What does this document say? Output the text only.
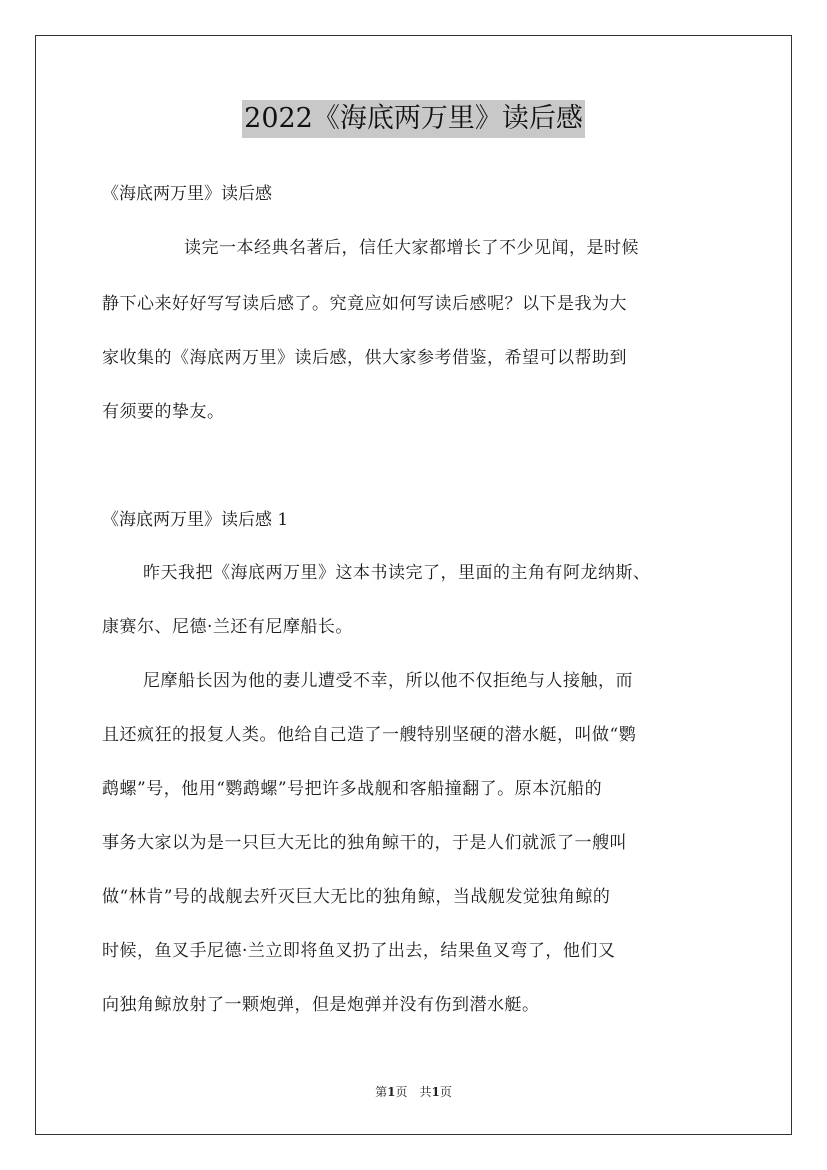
2022《海底两万里》读后感
《海底两万里》读后感
读完一本经典名著后，信任大家都增长了不少见闻，是时候
静下心来好好写写读后感了。究竟应如何写读后感呢？以下是我为大
家收集的《海底两万里》读后感，供大家参考借鉴，希望可以帮助到
有须要的挚友。
《海底两万里》读后感 1
昨天我把《海底两万里》这本书读完了，里面的主角有阿龙纳斯、
康赛尔、尼德·兰还有尼摩船长。
尼摩船长因为他的妻儿遭受不幸，所以他不仅拒绝与人接触，而
且还疯狂的报复人类。他给自己造了一艘特别坚硬的潜水艇，叫做“鹦
鹉螺”号，他用“鹦鹉螺”号把许多战舰和客船撞翻了。原本沉船的
事务大家以为是一只巨大无比的独角鲸干的，于是人们就派了一艘叫
做“林肯”号的战舰去歼灭巨大无比的独角鲸，当战舰发觉独角鲸的
时候，鱼叉手尼德·兰立即将鱼叉扔了出去，结果鱼叉弯了，他们又
向独角鲸放射了一颗炮弹，但是炮弹并没有伤到潜水艇。
第1页　共1页
